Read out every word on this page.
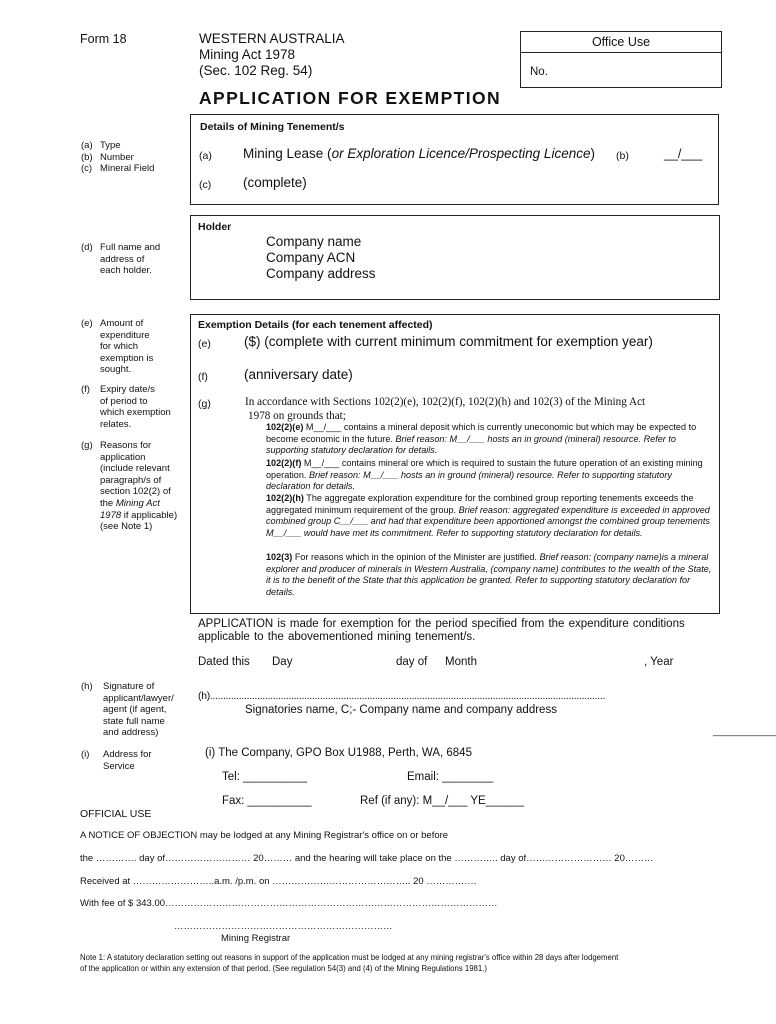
Form 18	WESTERN AUSTRALIA
Mining Act 1978
(Sec. 102 Reg. 54)
Office Use
No.
APPLICATION FOR EXEMPTION
(a) Type
(b) Number
(c) Mineral Field
Details of Mining Tenement/s
(a) Mining Lease (or Exploration Licence/Prospecting Licence) (b)	__/___
(c) (complete)
(d) Full name and
address of
each holder.
Holder
Company name
Company ACN
Company address
(e) Amount of
expenditure
for which
exemption is
sought.
(f) Expiry date/s
of period to
which exemption
relates.
(g) Reasons for
application
(include relevant
paragraph/s of
section 102(2) of
the Mining Act
1978 if applicable)
(see Note 1)
Exemption Details (for each tenement affected)
(e) ($) (complete with current minimum commitment for exemption year)
(f)	(anniversary date)
(g)	In accordance with Sections 102(2)(e), 102(2)(f), 102(2)(h) and 102(3) of the Mining Act
1978 on grounds that;
102(2)(e) M__/___ contains a mineral deposit which is currently uneconomic but which may be expected to become economic in the future. Brief reason: M__/___ hosts an in ground (mineral) resource. Refer to supporting statutory declaration for details.
102(2)(f) M__/___ contains mineral ore which is required to sustain the future operation of an existing mining operation. Brief reason: M__/___ hosts an in ground (mineral) resource. Refer to supporting statutory declaration for details.
102(2)(h) The aggregate exploration expenditure for the combined group reporting tenements exceeds the aggregated minimum requirement of the group. Brief reason: aggregated expenditure is exceeded in approved combined group C__/___ and had that expenditure been apportioned amongst the combined group tenements M__/___ would have met its commitment. Refer to supporting statutory declaration for details.
102(3) For reasons which in the opinion of the Minister are justified. Brief reason: (company name)is a mineral explorer and producer of minerals in Western Australia, (company name) contributes to the wealth of the State, it is to the benefit of the State that this application be granted. Refer to supporting statutory declaration for details.
APPLICATION is made for exemption for the period specified from the expenditure conditions
applicable to the abovementioned mining tenement/s.
Dated this Day	day of Month	, Year
(h) Signature of
applicant/lawyer/
agent (if agent,
state full name
and address)
(h).......................................................................................................................................................
Signatories name, C;- Company name and company address
____________
(i) Address for
Service
(i) The Company, GPO Box U1988, Perth, WA, 6845
Tel: __________	Email: ________
Fax: __________	Ref (if any): M__/___ YE______
OFFICIAL USE
A NOTICE OF OBJECTION may be lodged at any Mining Registrar's office on or before
the …………. day of……………………… 20……… and the hearing will take place on the ………….. day of……………………… 20………
Received at ……………………..a.m. /p.m. on …………………………………….. 20 …………….
With fee of $ 343.00……………………………………………………………………………………………
……………………………………………………………
Mining Registrar
Note 1: A statutory declaration setting out reasons in support of the application must be lodged at any mining registrar's office within 28 days after lodgement
of the application or within any extension of that period. (See regulation 54(3) and (4) of the Mining Regulations 1981.)
